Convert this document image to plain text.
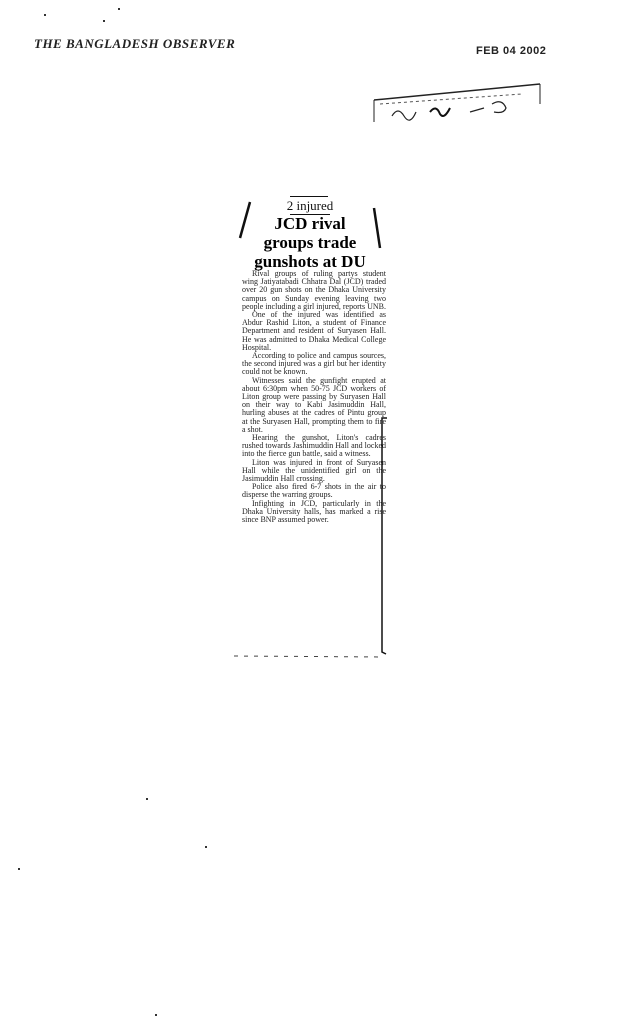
THE BANGLADESH OBSERVER	FEB 04 2002
2 injured
JCD rival
groups trade
gunshots at DU

Rival groups of ruling partys student wing Jatiyatabadi Chhatra Dal (JCD) traded over 20 gun shots on the Dhaka University campus on Sunday evening leaving two people including a girl injured, reports UNB.

One of the injured was identified as Abdur Rashid Liton, a student of Finance Department and resident of Suryasen Hall. He was admitted to Dhaka Medical College Hospital.

According to police and campus sources, the second injured was a girl but her identity could not be known.

Witnesses said the gunfight erupted at about 6:30pm when 50-75 JCD workers of Liton group were passing by Suryasen Hall on their way to Kabi Jasimuddin Hall, hurling abuses at the cadres of Pintu group at the Suryasen Hall, prompting them to fire a shot.

Hearing the gunshot, Liton's cadres rushed towards Jashimuddin Hall and locked into the fierce gun battle, said a witness.

Liton was injured in front of Suryasen Hall while the unidentified girl on the Jasimuddin Hall crossing.

Police also fired 6-7 shots in the air to disperse the warring groups.

Infighting in JCD, particularly in the Dhaka University halls, has marked a rise since BNP assumed power.
